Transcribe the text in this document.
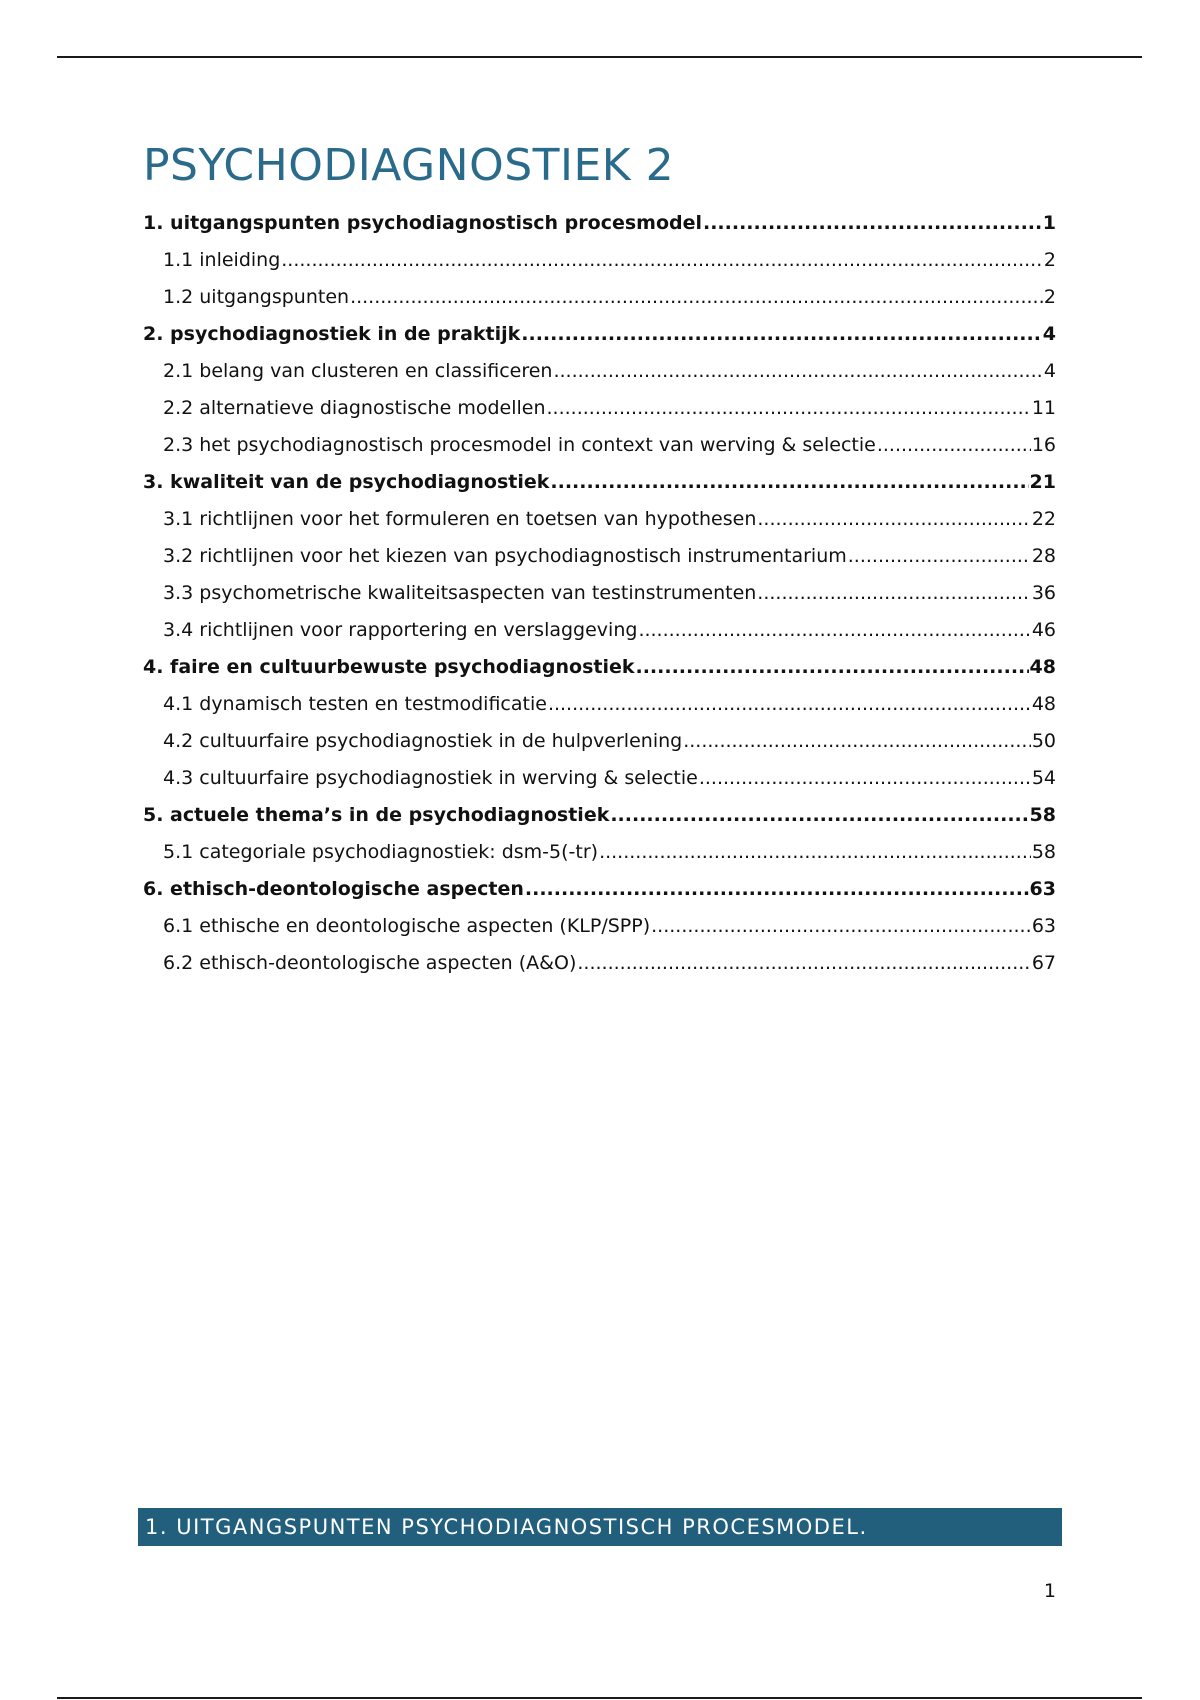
PSYCHODIAGNOSTIEK 2
1. uitgangspunten psychodiagnostisch procesmodel .....	1
1.1 inleiding .....	2
1.2 uitgangspunten .....	2
2. psychodiagnostiek in de praktijk .....	4
2.1 belang van clusteren en classificeren .....	4
2.2 alternatieve diagnostische modellen .....	11
2.3 het psychodiagnostisch procesmodel in context van werving & selectie .....	16
3. kwaliteit van de psychodiagnostiek .....	21
3.1 richtlijnen voor het formuleren en toetsen van hypothesen .....	22
3.2 richtlijnen voor het kiezen van psychodiagnostisch instrumentarium .....	28
3.3 psychometrische kwaliteitsaspecten van testinstrumenten .....	36
3.4 richtlijnen voor rapportering en verslaggeving .....	46
4. faire en cultuurbewuste psychodiagnostiek .....	48
4.1 dynamisch testen en testmodificatie .....	48
4.2 cultuurfaire psychodiagnostiek in de hulpverlening .....	50
4.3 cultuurfaire psychodiagnostiek in werving & selectie .....	54
5. actuele thema’s in de psychodiagnostiek .....	58
5.1 categoriale psychodiagnostiek: dsm-5(-tr) .....	58
6. ethisch-deontologische aspecten .....	63
6.1 ethische en deontologische aspecten (KLP/SPP) .....	63
6.2 ethisch-deontologische aspecten (A&O) .....	67
1. UITGANGSPUNTEN PSYCHODIAGNOSTISCH PROCESMODEL.
1
